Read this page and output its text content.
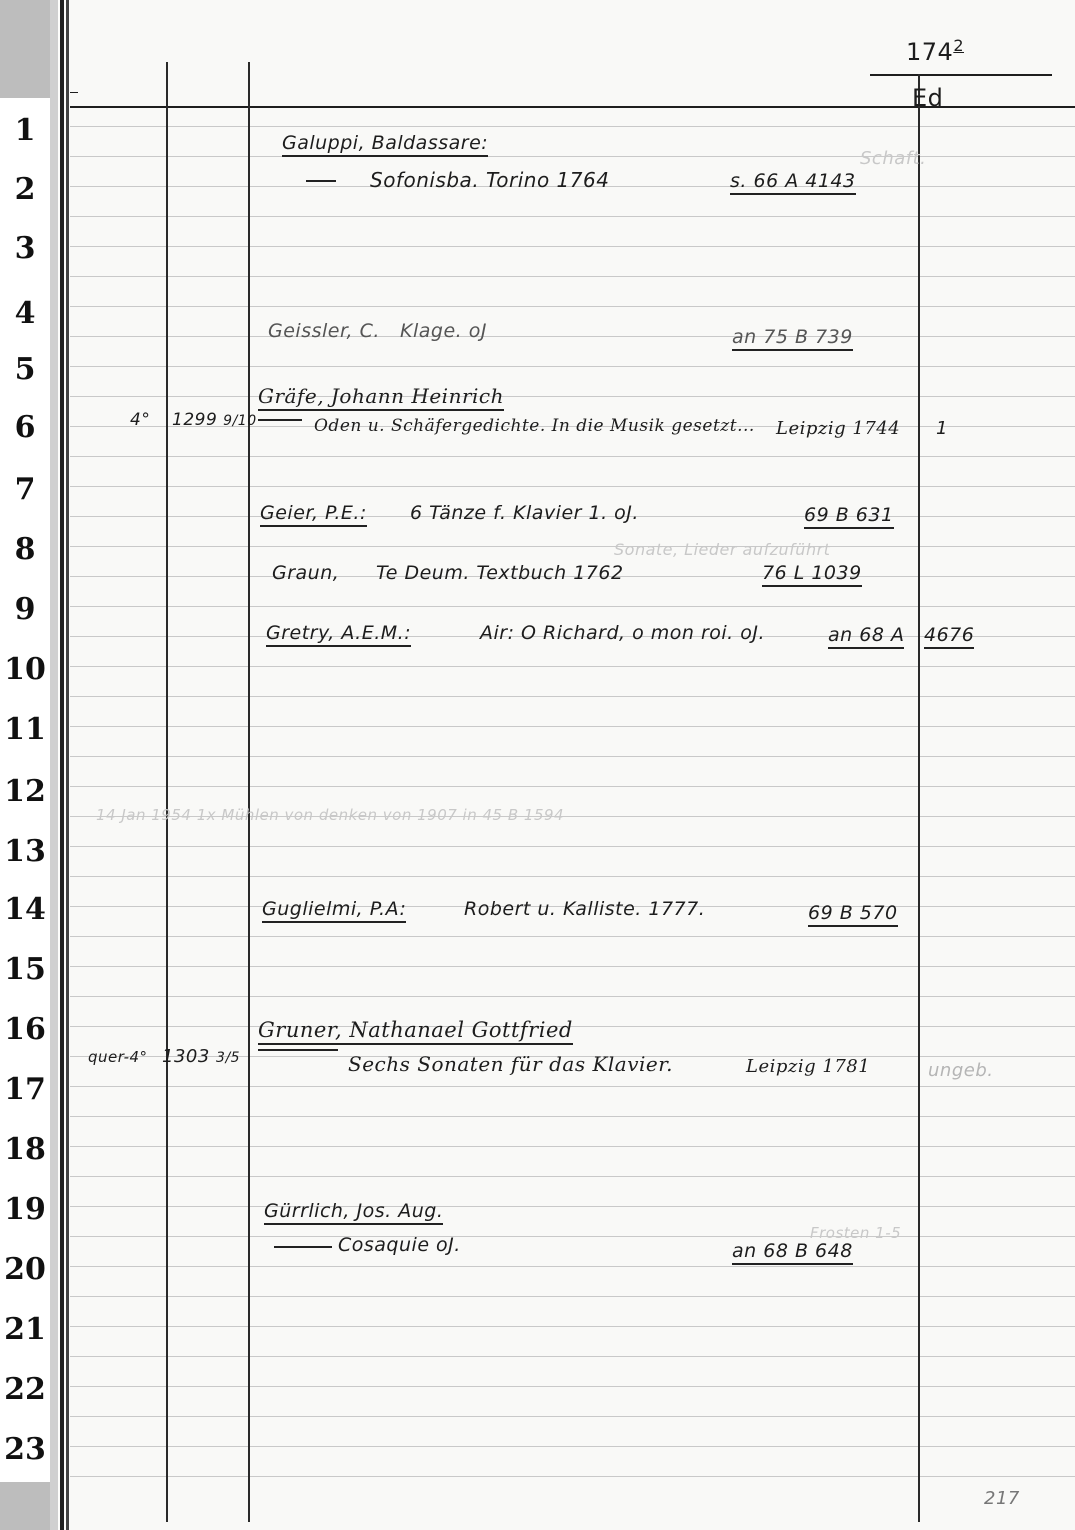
$174^2$
Ed
1
2
3
4
5
6
7
8
9
10
11
12
13
14
15
16
17
18
19
20
21
22
23
Schaft.
Sonate, Lieder aufzuführt
14 Jan 1954 1x Mühlen von denken von 1907 in 45 B 1594
Frosten 1-5
Galuppi, Baldassare:
Sofonisba. Torino 1764	s. 66 A 4143
Geissler, C. Klage. oJ	an 75 B 739
Gräfe, Johann Heinrich
4° 1299 9/10	Oden u. Schäfergedichte. In die Musik gesetzt... Leipzig 1744 1
Geier, P.E.: 6 Tänze f. Klavier 1. oJ.	69 B 631
Graun, Te Deum. Textbuch 1762	76 L 1039
Gretry, A.E.M.:	Air: O Richard, o mon roi. oJ.	an 68 A 4676
Guglielmi, P.A:	Robert u. Kalliste. 1777.	69 B 570
Gruner, Nathanael Gottfried
quer-4° 1303 3/5	Sechs Sonaten für das Klavier.	Leipzig 1781	ungeb.
Gürrlich, Jos. Aug.
Cosaquie oJ.	an 68 B 648
217
